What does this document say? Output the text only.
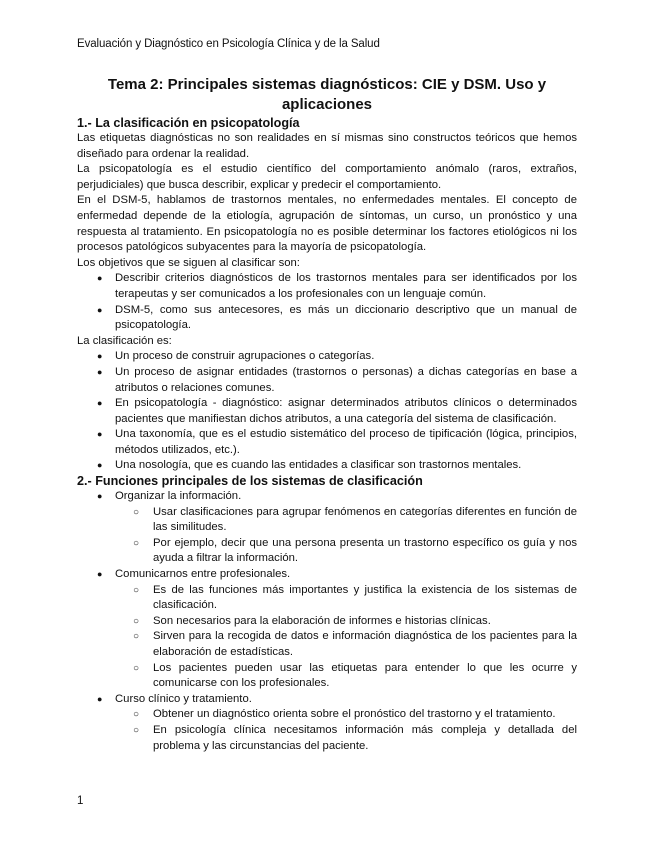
Evaluación y Diagnóstico en Psicología Clínica y de la Salud
Tema 2: Principales sistemas diagnósticos: CIE y DSM. Uso y aplicaciones
1.- La clasificación en psicopatología

Las etiquetas diagnósticas no son realidades en sí mismas sino constructos teóricos que hemos diseñado para ordenar la realidad.

La psicopatología es el estudio científico del comportamiento anómalo (raros, extraños, perjudiciales) que busca describir, explicar y predecir el comportamiento.

En el DSM-5, hablamos de trastornos mentales, no enfermedades mentales. El concepto de enfermedad depende de la etiología, agrupación de síntomas, un curso, un pronóstico y una respuesta al tratamiento. En psicopatología no es posible determinar los factores etiológicos ni los procesos patológicos subyacentes para la mayoría de psicopatología.

Los objetivos que se siguen al clasificar son:

● Describir criterios diagnósticos de los trastornos mentales para ser identificados por los terapeutas y ser comunicados a los profesionales con un lenguaje común.
● DSM-5, como sus antecesores, es más un diccionario descriptivo que un manual de psicopatología.

La clasificación es:

● Un proceso de construir agrupaciones o categorías.
● Un proceso de asignar entidades (trastornos o personas) a dichas categorías en base a atributos o relaciones comunes.
● En psicopatología - diagnóstico: asignar determinados atributos clínicos o determinados pacientes que manifiestan dichos atributos, a una categoría del sistema de clasificación.
● Una taxonomía, que es el estudio sistemático del proceso de tipificación (lógica, principios, métodos utilizados, etc.).
● Una nosología, que es cuando las entidades a clasificar son trastornos mentales.
2.- Funciones principales de los sistemas de clasificación
● Organizar la información.
○ Usar clasificaciones para agrupar fenómenos en categorías diferentes en función de las similitudes.
○ Por ejemplo, decir que una persona presenta un trastorno específico os guía y nos ayuda a filtrar la información.
● Comunicarnos entre profesionales.
○ Es de las funciones más importantes y justifica la existencia de los sistemas de clasificación.
○ Son necesarios para la elaboración de informes e historias clínicas.
○ Sirven para la recogida de datos e información diagnóstica de los pacientes para la elaboración de estadísticas.
○ Los pacientes pueden usar las etiquetas para entender lo que les ocurre y comunicarse con los profesionales.
● Curso clínico y tratamiento.
○ Obtener un diagnóstico orienta sobre el pronóstico del trastorno y el tratamiento.
○ En psicología clínica necesitamos información más compleja y detallada del problema y las circunstancias del paciente.
1
